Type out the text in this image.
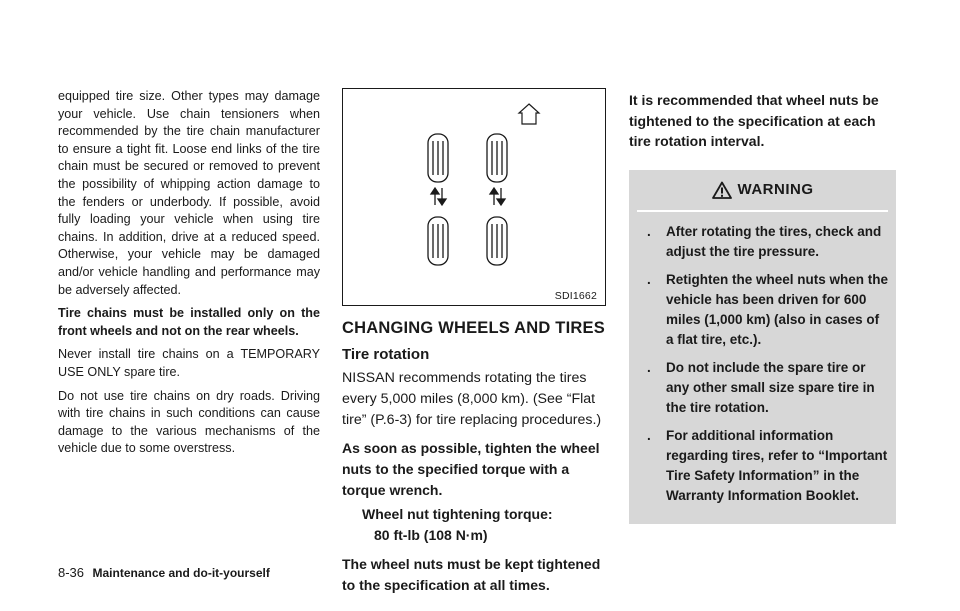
equipped tire size. Other types may damage your vehicle. Use chain tensioners when recommended by the tire chain manufacturer to ensure a tight fit. Loose end links of the tire chain must be secured or removed to prevent the possibility of whipping action damage to the fenders or underbody. If possible, avoid fully loading your vehicle when using tire chains. In addition, drive at a reduced speed. Otherwise, your vehicle may be damaged and/or vehicle handling and performance may be adversely affected.

Tire chains must be installed only on the front wheels and not on the rear wheels.

Never install tire chains on a TEMPORARY USE ONLY spare tire.

Do not use tire chains on dry roads. Driving with tire chains in such conditions can cause damage to the various mechanisms of the vehicle due to some overstress.

SDI1662
CHANGING WHEELS AND TIRES
Tire rotation

NISSAN recommends rotating the tires every 5,000 miles (8,000 km). (See “Flat tire” (P.6-3) for tire replacing procedures.)

As soon as possible, tighten the wheel nuts to the specified torque with a torque wrench.

Wheel nut tightening torque:

80 ft-lb (108 N·m)

The wheel nuts must be kept tightened to the specification at all times.

It is recommended that wheel nuts be tightened to the specification at each tire rotation interval.

WARNING
. After rotating the tires, check and adjust the tire pressure.
. Retighten the wheel nuts when the vehicle has been driven for 600 miles (1,000 km) (also in cases of a flat tire, etc.).
. Do not include the spare tire or any other small size spare tire in the tire rotation.
. For additional information regarding tires, refer to “Important Tire Safety Information” in the Warranty Information Booklet.
8-36 Maintenance and do-it-yourself
